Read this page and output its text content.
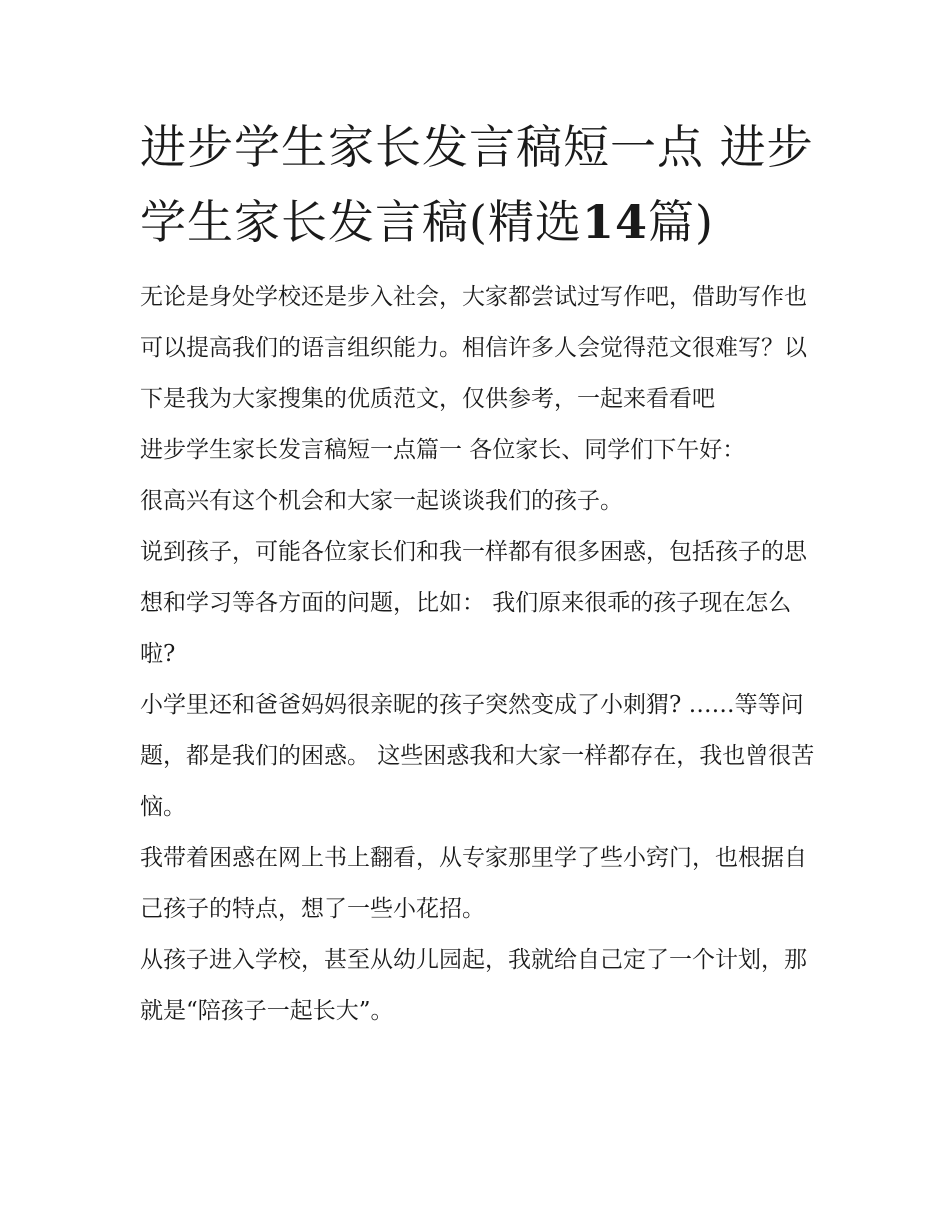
进步学生家长发言稿短一点 进步学生家长发言稿(精选14篇)

无论是身处学校还是步入社会，大家都尝试过写作吧，借助写作也可以提高我们的语言组织能力。相信许多人会觉得范文很难写？以下是我为大家搜集的优质范文，仅供参考，一起来看看吧

进步学生家长发言稿短一点篇一 各位家长、同学们下午好：

很高兴有这个机会和大家一起谈谈我们的孩子。

说到孩子，可能各位家长们和我一样都有很多困惑，包括孩子的思想和学习等各方面的问题，比如： 我们原来很乖的孩子现在怎么啦?

小学里还和爸爸妈妈很亲昵的孩子突然变成了小刺猬? ……等等问题，都是我们的困惑。 这些困惑我和大家一样都存在，我也曾很苦恼。

我带着困惑在网上书上翻看，从专家那里学了些小窍门，也根据自己孩子的特点，想了一些小花招。

从孩子进入学校，甚至从幼儿园起，我就给自己定了一个计划，那就是“陪孩子一起长大”。
